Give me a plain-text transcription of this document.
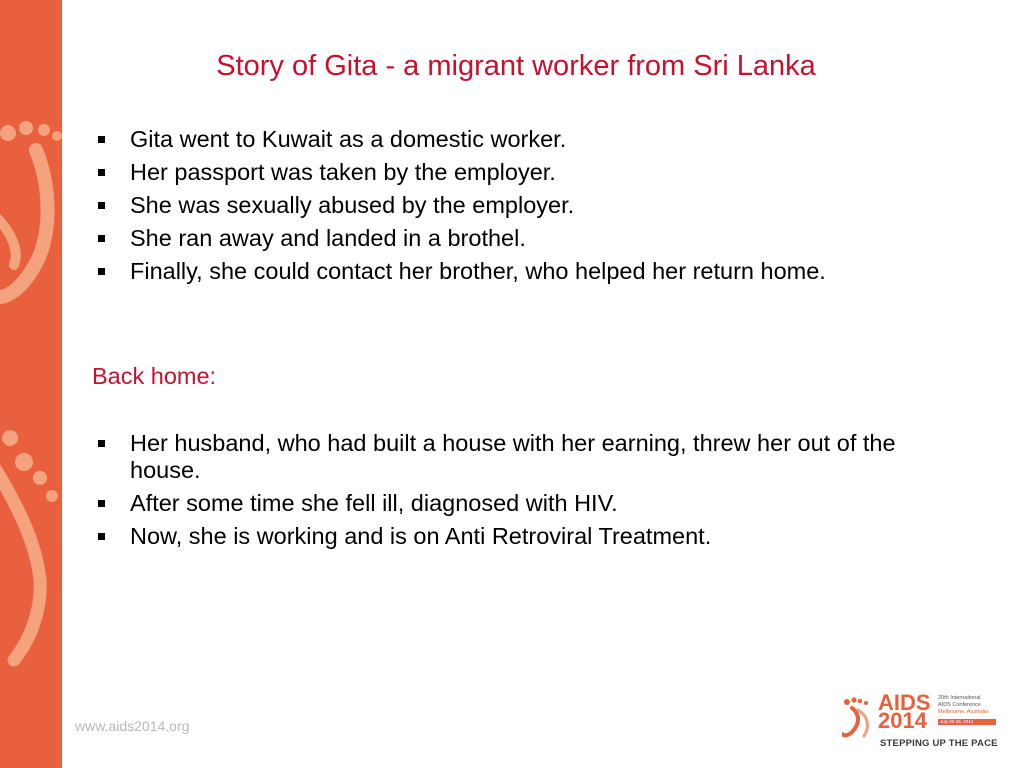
Story of Gita - a migrant worker from Sri Lanka
Gita went to Kuwait as a domestic worker.
Her passport was taken by the employer.
She was sexually abused by the employer.
She ran away and landed in a brothel.
Finally, she could contact her brother, who helped her return home.
Back home:
Her husband, who had built a house with her earning, threw her out of the house.
After some time she fell ill, diagnosed with HIV.
Now, she is working and is on Anti Retroviral Treatment.
www.aids2014.org
AIDS
2014
20th International
AIDS Conference
Melbourne, Australia
July 20-25, 2014
STEPPING UP THE PACE
